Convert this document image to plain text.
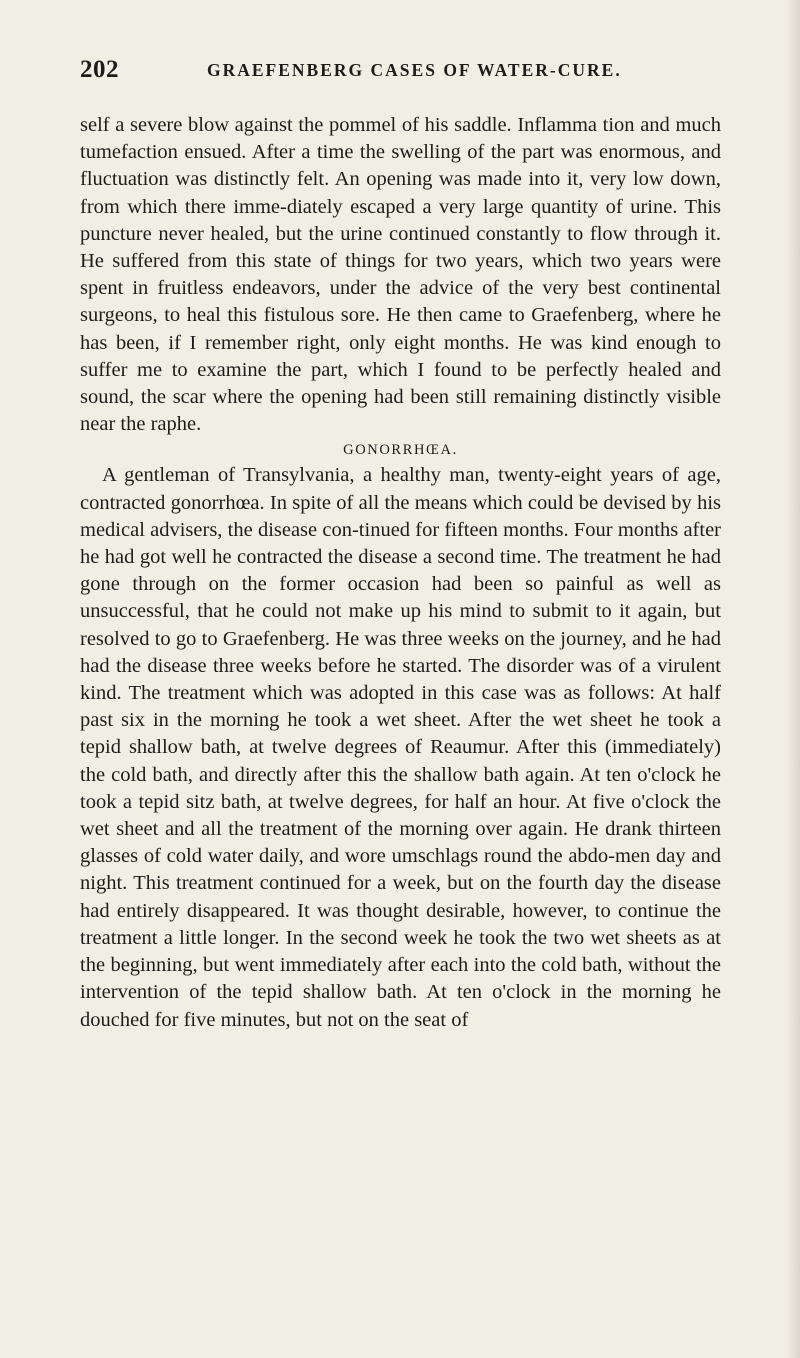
202	GRAEFENBERG CASES OF WATER-CURE.

self a severe blow against the pommel of his saddle. Inflamma tion and much tumefaction ensued. After a time the swelling of the part was enormous, and fluctuation was distinctly felt. An opening was made into it, very low down, from which there imme-diately escaped a very large quantity of urine. This puncture never healed, but the urine continued constantly to flow through it. He suffered from this state of things for two years, which two years were spent in fruitless endeavors, under the advice of the very best continental surgeons, to heal this fistulous sore. He then came to Graefenberg, where he has been, if I remember right, only eight months. He was kind enough to suffer me to examine the part, which I found to be perfectly healed and sound, the scar where the opening had been still remaining distinctly visible near the raphe.

GONORRHŒA.

A gentleman of Transylvania, a healthy man, twenty-eight years of age, contracted gonorrhœa. In spite of all the means which could be devised by his medical advisers, the disease con-tinued for fifteen months. Four months after he had got well he contracted the disease a second time. The treatment he had gone through on the former occasion had been so painful as well as unsuccessful, that he could not make up his mind to submit to it again, but resolved to go to Graefenberg. He was three weeks on the journey, and he had had the disease three weeks before he started. The disorder was of a virulent kind. The treatment which was adopted in this case was as follows: At half past six in the morning he took a wet sheet. After the wet sheet he took a tepid shallow bath, at twelve degrees of Reaumur. After this (immediately) the cold bath, and directly after this the shallow bath again. At ten o'clock he took a tepid sitz bath, at twelve degrees, for half an hour. At five o'clock the wet sheet and all the treatment of the morning over again. He drank thirteen glasses of cold water daily, and wore umschlags round the abdo-men day and night. This treatment continued for a week, but on the fourth day the disease had entirely disappeared. It was thought desirable, however, to continue the treatment a little longer. In the second week he took the two wet sheets as at the beginning, but went immediately after each into the cold bath, without the intervention of the tepid shallow bath. At ten o'clock in the morning he douched for five minutes, but not on the seat of
